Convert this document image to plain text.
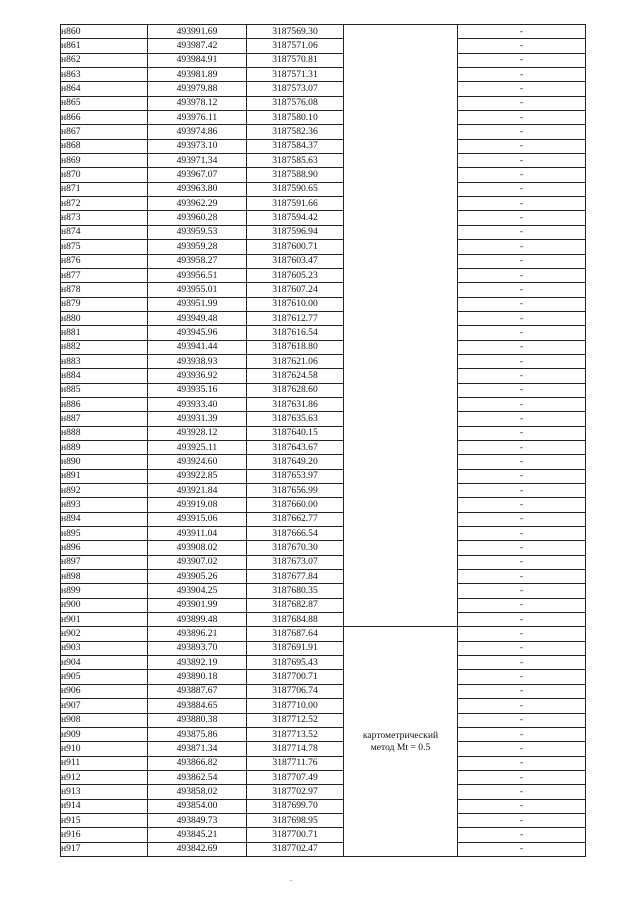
н860	493991.69	3187569.30		-
н861	493987.42	3187571.06		-
н862	493984.91	3187570.81		-
н863	493981.89	3187571.31		-
н864	493979.88	3187573.07		-
н865	493978.12	3187576.08		-
н866	493976.11	3187580.10		-
н867	493974.86	3187582.36		-
н868	493973.10	3187584.37		-
н869	493971.34	3187585.63		-
н870	493967.07	3187588.90		-
н871	493963.80	3187590.65		-
н872	493962.29	3187591.66		-
н873	493960.28	3187594.42		-
н874	493959.53	3187596.94		-
н875	493959.28	3187600.71		-
н876	493958.27	3187603.47		-
н877	493956.51	3187605.23		-
н878	493955.01	3187607.24		-
н879	493951.99	3187610.00		-
н880	493949.48	3187612.77		-
н881	493945.96	3187616.54		-
н882	493941.44	3187618.80		-
н883	493938.93	3187621.06		-
н884	493936.92	3187624.58		-
н885	493935.16	3187628.60		-
н886	493933.40	3187631.86		-
н887	493931.39	3187635.63		-
н888	493928.12	3187640.15		-
н889	493925.11	3187643.67		-
н890	493924.60	3187649.20		-
н891	493922.85	3187653.97		-
н892	493921.84	3187656.99		-
н893	493919.08	3187660.00		-
н894	493915.06	3187662.77		-
н895	493911.04	3187666.54		-
н896	493908.02	3187670.30		-
н897	493907.02	3187673.07		-
н898	493905.26	3187677.84		-
н899	493904.25	3187680.35		-
н900	493901.99	3187682.87		-
н901	493899.48	3187684.88		-
н902	493896.21	3187687.64	картометрический
метод Mt = 0.5	-
н903	493893.70	3187691.91		-
н904	493892.19	3187695.43		-
н905	493890.18	3187700.71		-
н906	493887.67	3187706.74		-
н907	493884.65	3187710.00		-
н908	493880.38	3187712.52		-
н909	493875.86	3187713.52		-
н910	493871.34	3187714.78		-
н911	493866.82	3187711.76		-
н912	493862.54	3187707.49		-
н913	493858.02	3187702.97		-
н914	493854.00	3187699.70		-
н915	493849.73	3187698.95		-
н916	493845.21	3187700.71		-
н917	493842.69	3187702.47		-
